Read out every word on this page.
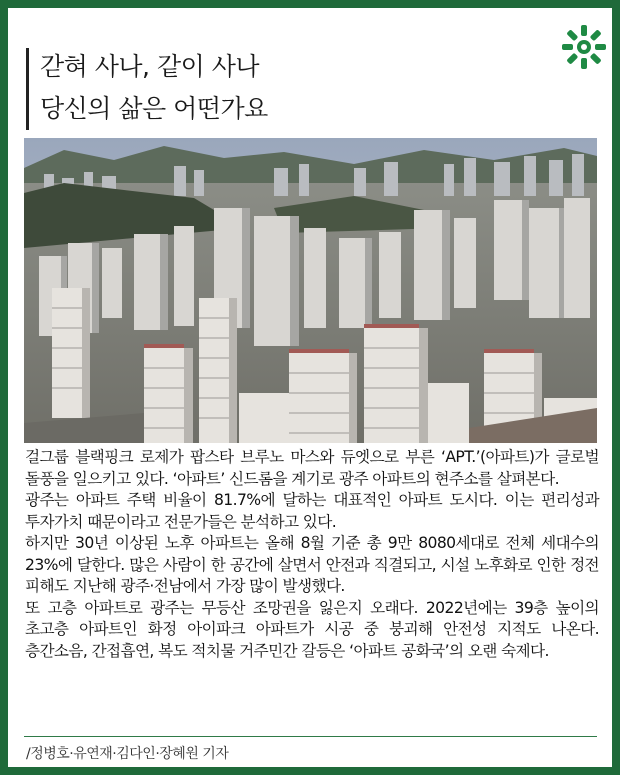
갇혀 사나, 같이 사나
당신의 삶은 어떤가요

걸그룹 블랙핑크 로제가 팝스타 브루노 마스와 듀엣으로 부른 ‘APT.’(아파트)가 글로벌 돌풍을 일으키고 있다. ‘아파트’ 신드롬을 계기로 광주 아파트의 현주소를 살펴본다.

광주는 아파트 주택 비율이 81.7%에 달하는 대표적인 아파트 도시다. 이는 편리성과 투자가치 때문이라고 전문가들은 분석하고 있다.

하지만 30년 이상된 노후 아파트는 올해 8월 기준 총 9만 8080세대로 전체 세대수의 23%에 달한다. 많은 사람이 한 공간에 살면서 안전과 직결되고, 시설 노후화로 인한 정전 피해도 지난해 광주·전남에서 가장 많이 발생했다.

또 고층 아파트로 광주는 무등산 조망권을 잃은지 오래다. 2022년에는 39층 높이의 초고층 아파트인 화정 아이파크 아파트가 시공 중 붕괴해 안전성 지적도 나온다. 층간소음, 간접흡연, 복도 적치물 거주민간 갈등은 ‘아파트 공화국’의 오랜 숙제다.

/정병호·유연재·김다인·장혜원 기자
